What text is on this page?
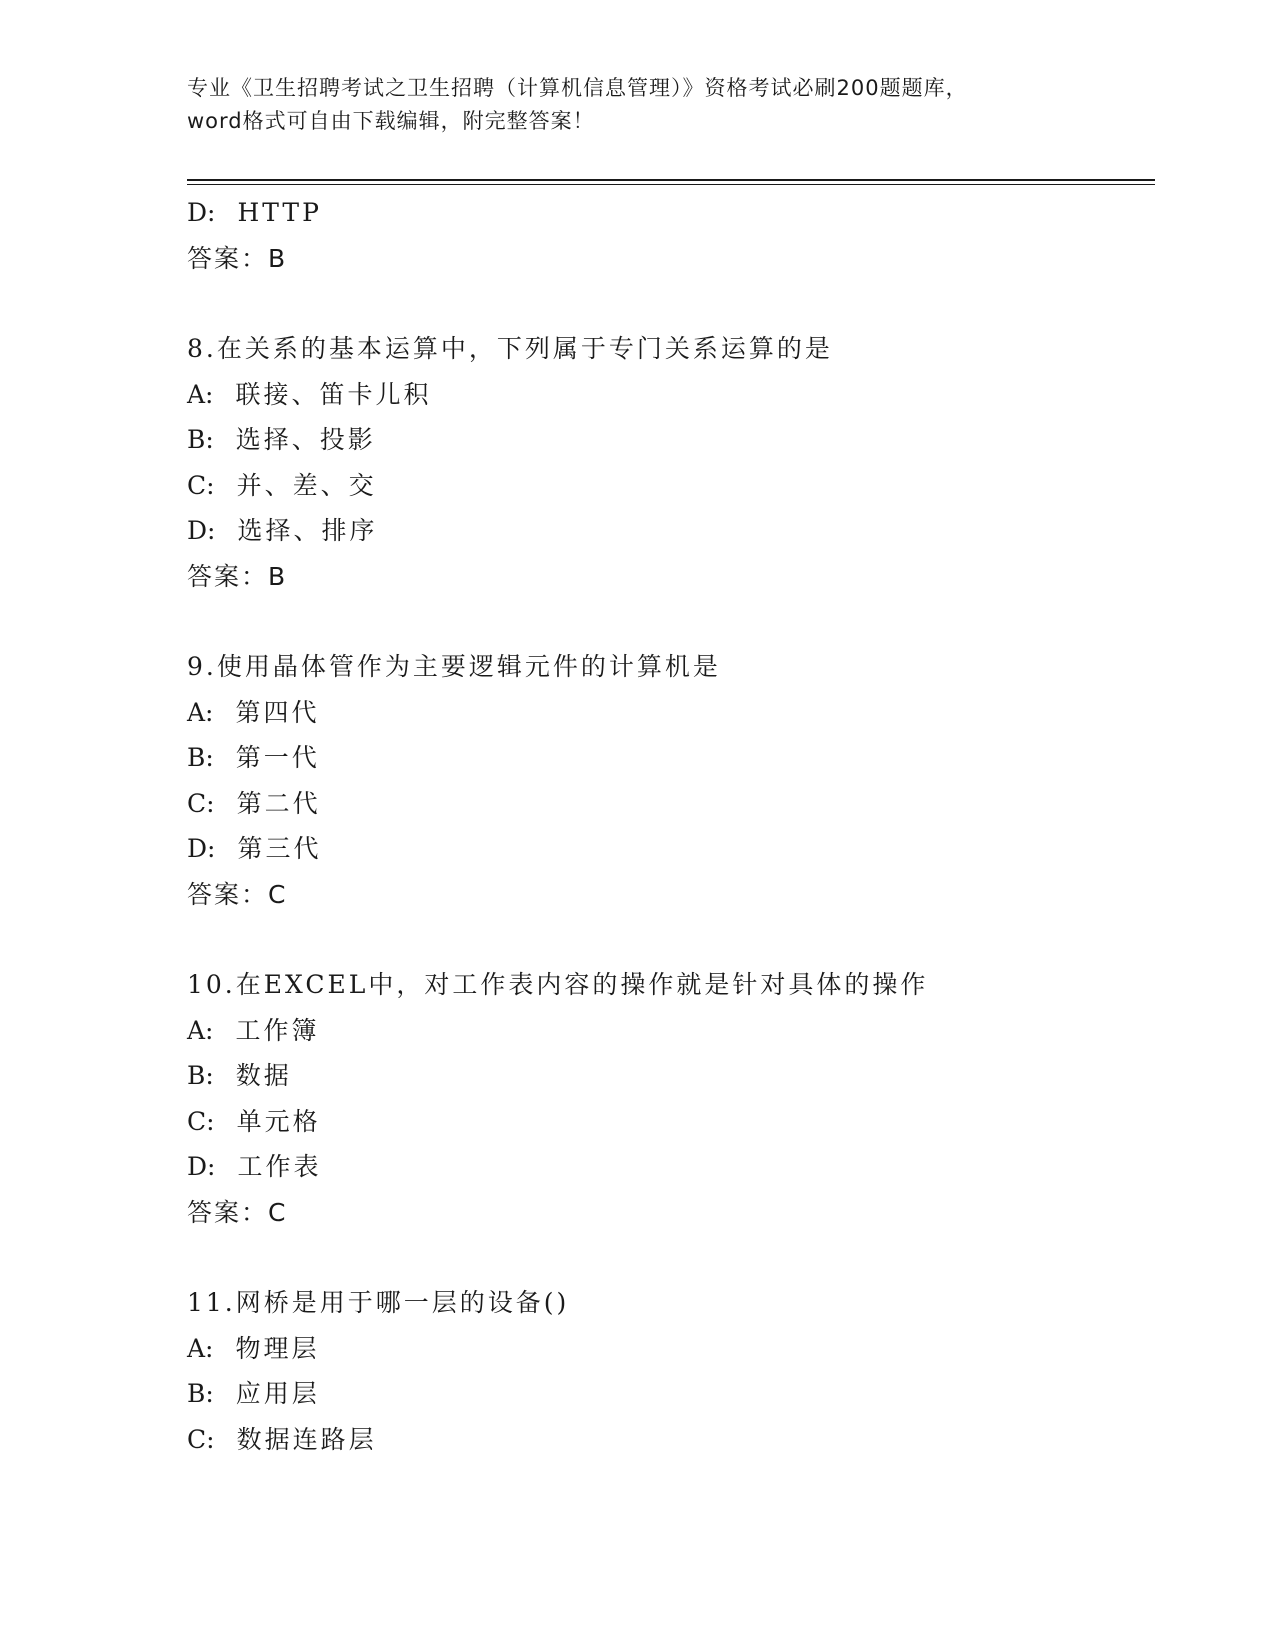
专业《卫生招聘考试之卫生招聘（计算机信息管理）》资格考试必刷200题题库，
word格式可自由下载编辑，附完整答案！
D: HTTP
答案：B
8.在关系的基本运算中，下列属于专门关系运算的是
A: 联接、笛卡儿积
B: 选择、投影
C: 并、差、交
D: 选择、排序
答案：B
9.使用晶体管作为主要逻辑元件的计算机是
A: 第四代
B: 第一代
C: 第二代
D: 第三代
答案：C
10.在EXCEL中，对工作表内容的操作就是针对具体的操作
A: 工作簿
B: 数据
C: 单元格
D: 工作表
答案：C
11.网桥是用于哪一层的设备()
A: 物理层
B: 应用层
C: 数据连路层
